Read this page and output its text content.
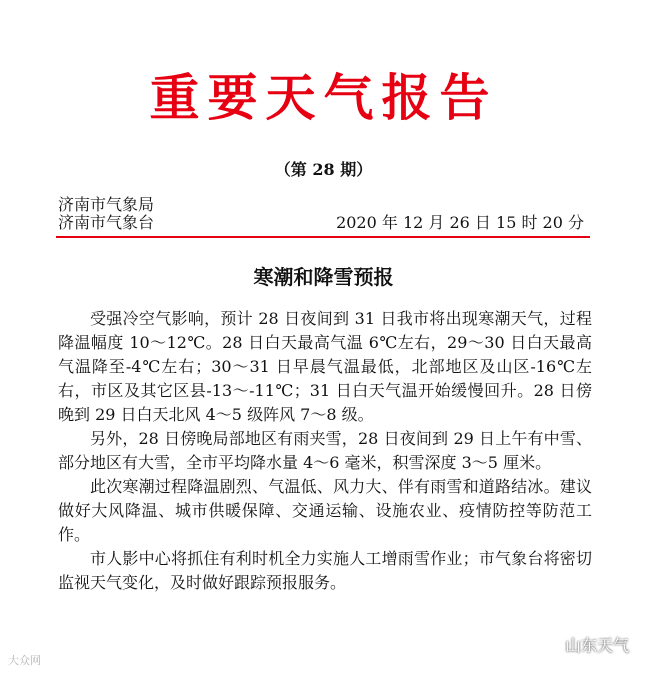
重要天气报告
（第 28 期）
济南市气象局
济南市气象台	2020 年 12 月 26 日 15 时 20 分
寒潮和降雪预报

受强冷空气影响，预计 28 日夜间到 31 日我市将出现寒潮天气，过程降温幅度 10～12℃。28 日白天最高气温 6℃左右，29～30 日白天最高气温降至-4℃左右；30～31 日早晨气温最低，北部地区及山区-16℃左右，市区及其它区县-13～-11℃；31 日白天气温开始缓慢回升。28 日傍晚到 29 日白天北风 4～5 级阵风 7～8 级。

另外，28 日傍晚局部地区有雨夹雪，28 日夜间到 29 日上午有中雪、部分地区有大雪，全市平均降水量 4～6 毫米，积雪深度 3～5 厘米。

此次寒潮过程降温剧烈、气温低、风力大、伴有雨雪和道路结冰。建议做好大风降温、城市供暖保障、交通运输、设施农业、疫情防控等防范工作。

市人影中心将抓住有利时机全力实施人工增雨雪作业；市气象台将密切监视天气变化，及时做好跟踪预报服务。

大众网
山东天气
